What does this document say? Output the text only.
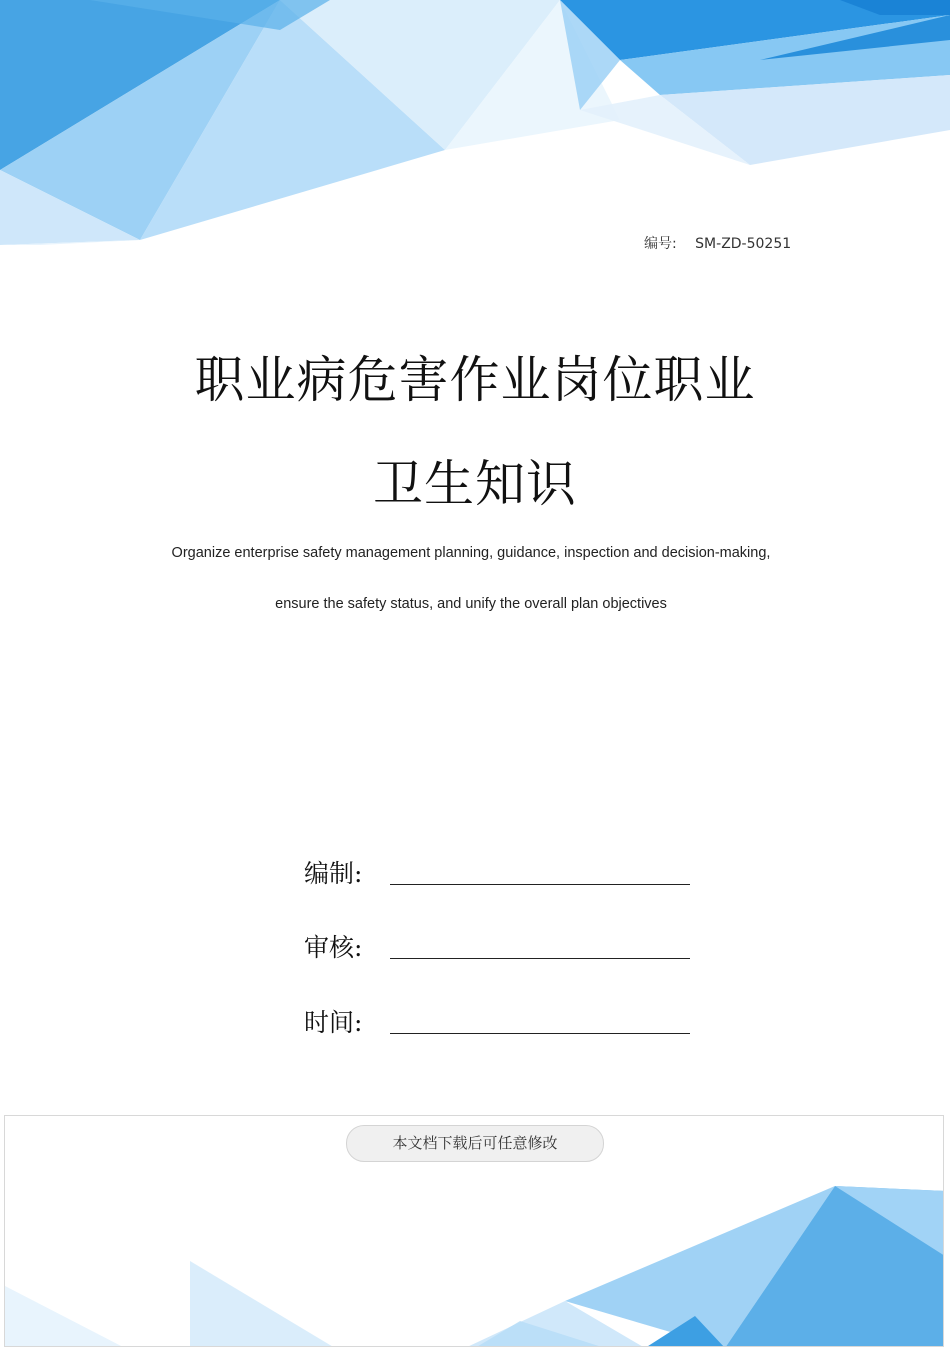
编号: SM-ZD-50251
职业病危害作业岗位职业
卫生知识
Organize enterprise safety management planning, guidance, inspection and decision-making,
ensure the safety status, and unify the overall plan objectives
编制:
审核:
时间:
本文档下载后可任意修改
